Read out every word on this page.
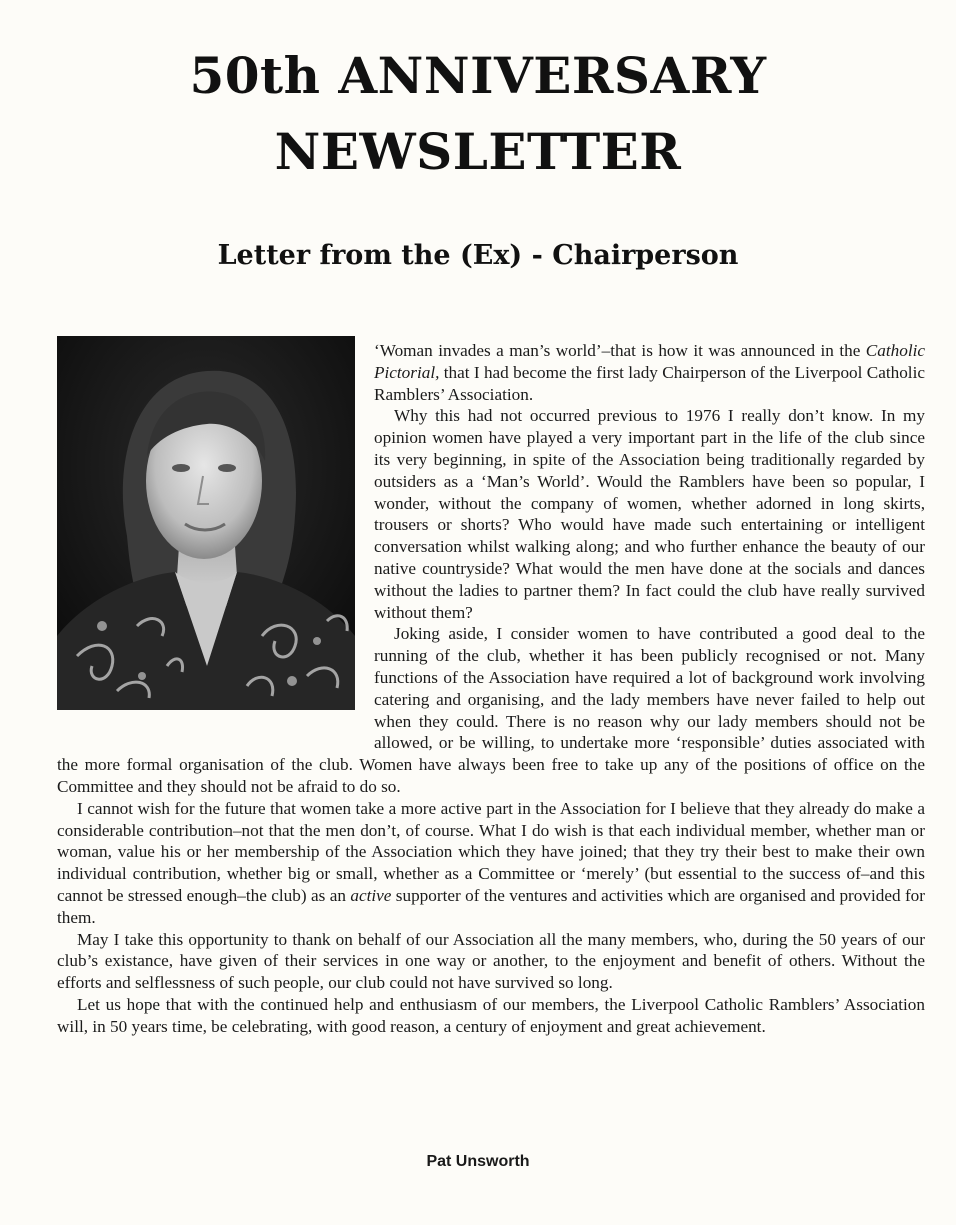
50th ANNIVERSARY
NEWSLETTER
Letter from the (Ex) - Chairperson

‘Woman invades a man’s world’–that is how it was announced in the Catholic Pictorial, that I had become the first lady Chairperson of the Liverpool Catholic Ramblers’ Association.

Why this had not occurred previous to 1976 I really don’t know. In my opinion women have played a very important part in the life of the club since its very beginning, in spite of the Association being traditionally regarded by outsiders as a ‘Man’s World’. Would the Ramblers have been so popular, I wonder, without the company of women, whether adorned in long skirts, trousers or shorts? Who would have made such entertaining or intelligent conversation whilst walking along; and who further enhance the beauty of our native countryside? What would the men have done at the socials and dances without the ladies to partner them? In fact could the club have really survived without them?

Joking aside, I consider women to have contributed a good deal to the running of the club, whether it has been publicly recognised or not. Many functions of the Association have required a lot of background work involving catering and organising, and the lady members have never failed to help out when they could. There is no reason why our lady members should not be allowed, or be willing, to undertake more ‘responsible’ duties associated with the more formal organisation of the club. Women have always been free to take up any of the positions of office on the Committee and they should not be afraid to do so.

I cannot wish for the future that women take a more active part in the Association for I believe that they already do make a considerable contribution–not that the men don’t, of course. What I do wish is that each individual member, whether man or woman, value his or her membership of the Association which they have joined; that they try their best to make their own individual contribution, whether big or small, whether as a Committee or ‘merely’ (but essential to the success of–and this cannot be stressed enough–the club) as an active supporter of the ventures and activities which are organised and provided for them.

May I take this opportunity to thank on behalf of our Association all the many members, who, during the 50 years of our club’s existance, have given of their services in one way or another, to the enjoyment and benefit of others. Without the efforts and selflessness of such people, our club could not have survived so long.

Let us hope that with the continued help and enthusiasm of our members, the Liverpool Catholic Ramblers’ Association will, in 50 years time, be celebrating, with good reason, a century of enjoyment and great achievement.

Pat Unsworth
